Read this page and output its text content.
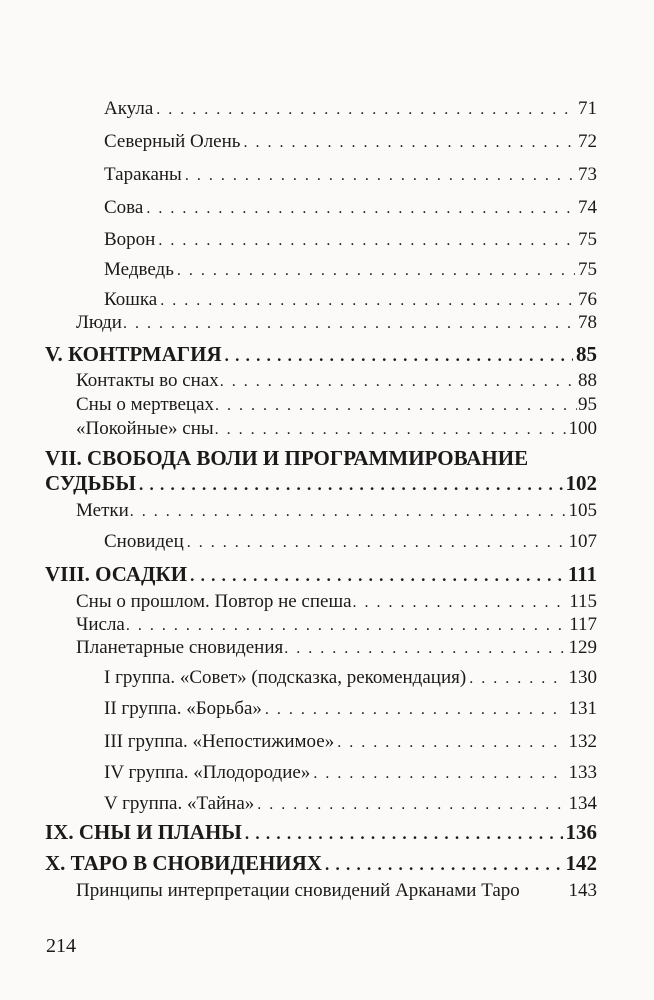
Акула . . .	71
Северный Олень . . .	72
Тараканы . . .	73
Сова . . .	74
Ворон . . .	75
Медведь . . .	75
Кошка . . .	76
Люди . . .	78
V. КОНТРМАГИЯ . . .	85
Контакты во снах . . .	88
Сны о мертвецах . . .	95
«Покойные» сны . . .	100
VII. СВОБОДА ВОЛИ И ПРОГРАММИРОВАНИЕ
СУДЬБЫ . . .	102
Метки . . .	105
Сновидец . . .	107
VIII. ОСАДКИ . . .	111
Сны о прошлом. Повтор не спеша . . .	115
Числа . . .	117
Планетарные сновидения . . .	129
I группа. «Совет» (подсказка, рекомендация) . . .	130
II группа. «Борьба» . . .	131
III группа. «Непостижимое» . . .	132
IV группа. «Плодородие» . . .	133
V группа. «Тайна» . . .	134
IX. СНЫ И ПЛАНЫ . . .	136
X. ТАРО В СНОВИДЕНИЯХ . . .	142
Принципы интерпретации сновидений Арканами Таро	143
214
